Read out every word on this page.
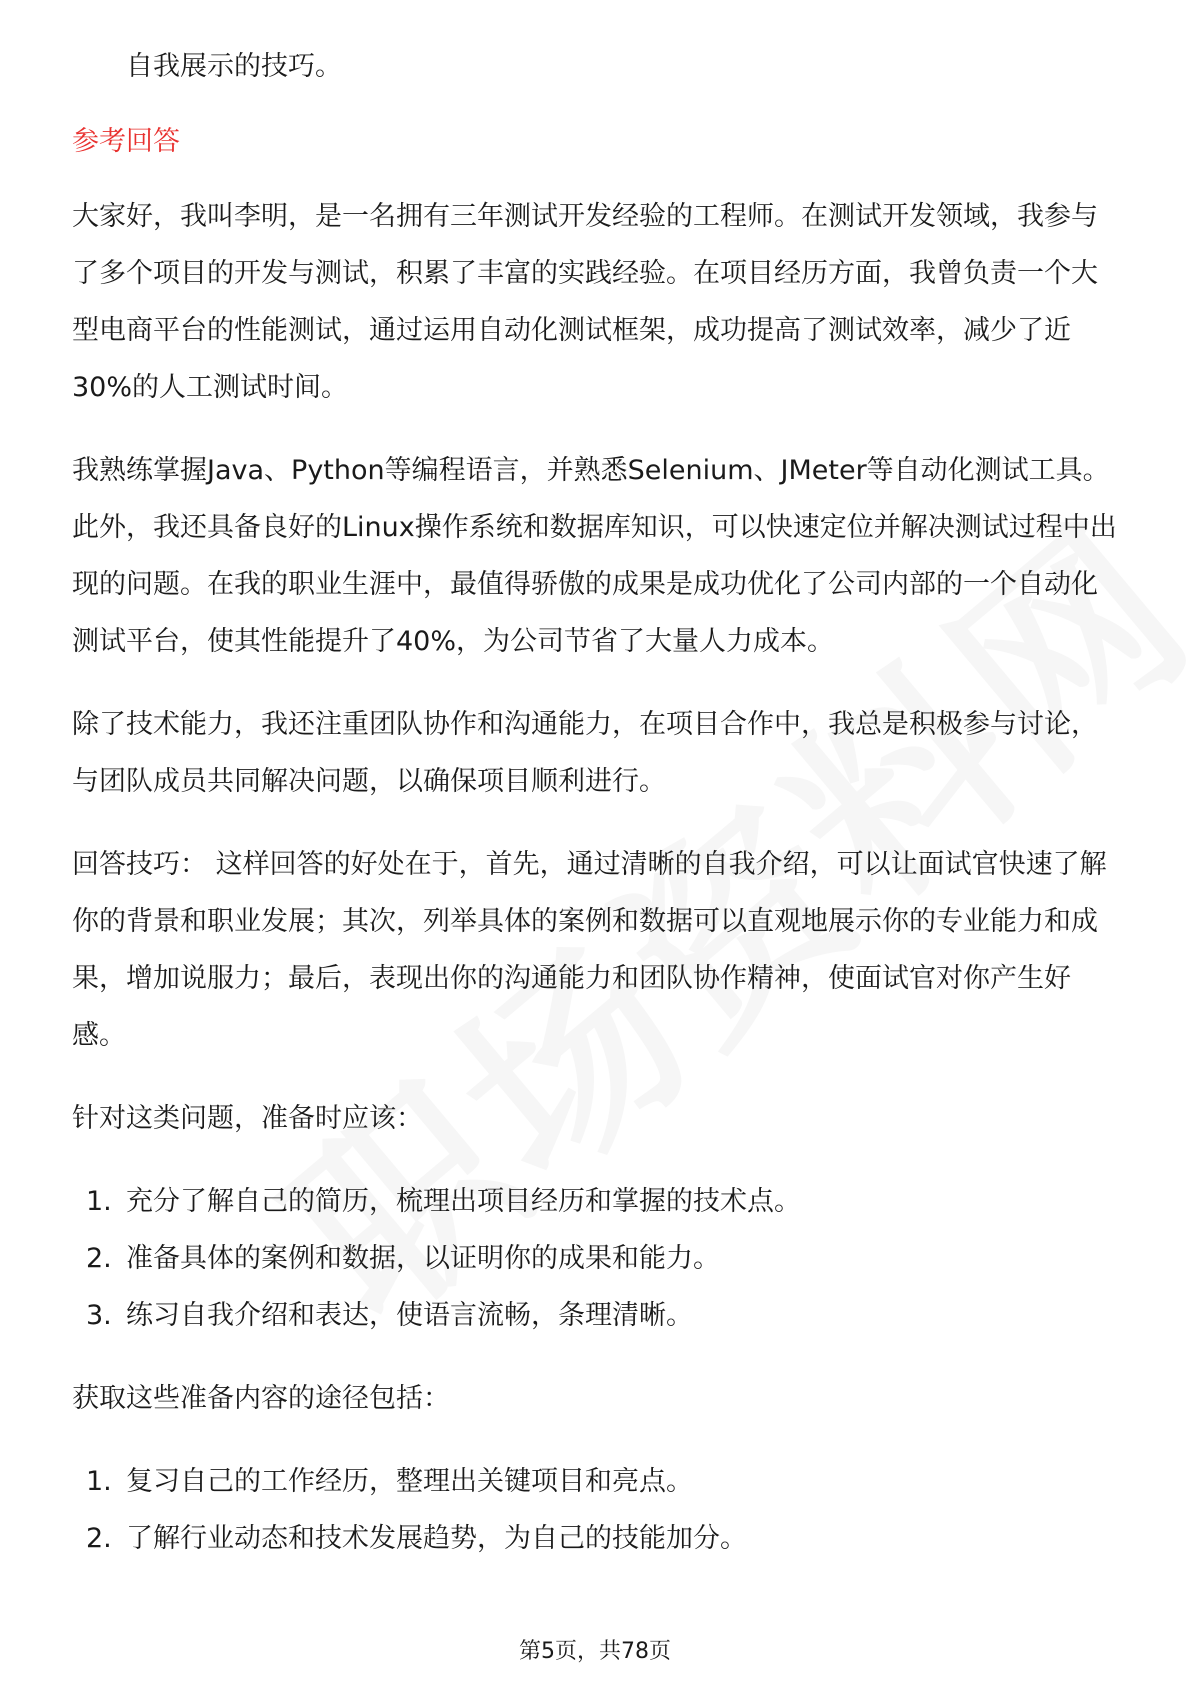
自我展示的技巧。

参考回答

大家好，我叫李明，是一名拥有三年测试开发经验的工程师。在测试开发领域，我参与了多个项目的开发与测试，积累了丰富的实践经验。在项目经历方面，我曾负责一个大型电商平台的性能测试，通过运用自动化测试框架，成功提高了测试效率，减少了近30%的人工测试时间。

我熟练掌握Java、Python等编程语言，并熟悉Selenium、JMeter等自动化测试工具。此外，我还具备良好的Linux操作系统和数据库知识，可以快速定位并解决测试过程中出现的问题。在我的职业生涯中，最值得骄傲的成果是成功优化了公司内部的一个自动化测试平台，使其性能提升了40%，为公司节省了大量人力成本。

除了技术能力，我还注重团队协作和沟通能力，在项目合作中，我总是积极参与讨论，与团队成员共同解决问题，以确保项目顺利进行。

回答技巧： 这样回答的好处在于，首先，通过清晰的自我介绍，可以让面试官快速了解你的背景和职业发展；其次，列举具体的案例和数据可以直观地展示你的专业能力和成果，增加说服力；最后，表现出你的沟通能力和团队协作精神，使面试官对你产生好感。

针对这类问题，准备时应该：

1. 充分了解自己的简历，梳理出项目经历和掌握的技术点。
2. 准备具体的案例和数据，以证明你的成果和能力。
3. 练习自我介绍和表达，使语言流畅，条理清晰。

获取这些准备内容的途径包括：

1. 复习自己的工作经历，整理出关键项目和亮点。
2. 了解行业动态和技术发展趋势，为自己的技能加分。
第5页，共78页
